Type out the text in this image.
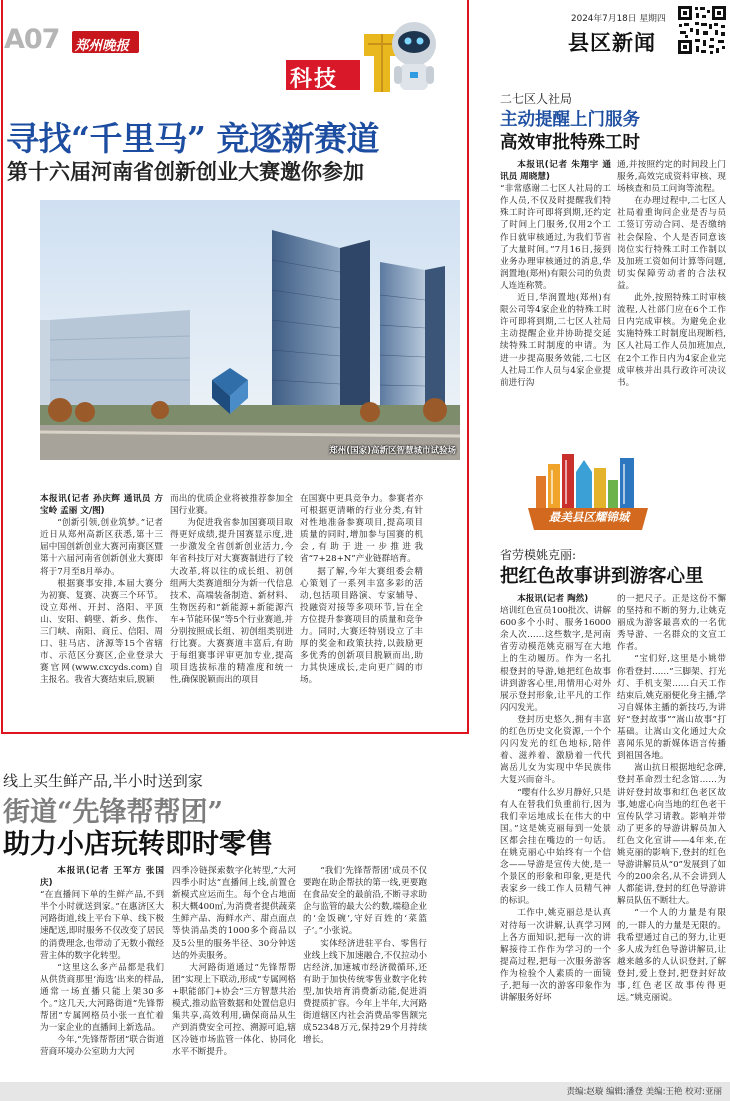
A07 郑州晚报
2024年7月18日 星期四
县区新闻
科技
寻找“千里马” 竞逐新赛道
第十六届河南省创新创业大赛邀你参加
郑州(国家)高新区智慧城市试验场

本报讯(记者 孙庆辉 通讯员 方宝岭 孟丽 文/图)

“创新引领,创业筑梦。”记者近日从郑州高新区获悉,第十三届中国创新创业大赛河南赛区暨第十六届河南省创新创业大赛即将于7月至8月举办。

根据赛事安排,本届大赛分为初赛、复赛、决赛三个环节。设立郑州、开封、洛阳、平顶山、安阳、鹤壁、新乡、焦作、三门峡、南阳、商丘、信阳、周口、驻马店、济源等15个省辖市、示范区分赛区,企业登录大赛官网(www.cxcyds.com)自主报名。我省大赛结束后,脱颖

而出的优质企业将被推荐参加全国行业赛。

为促进我省参加国赛项目取得更好成绩,提升国赛显示度,进一步激发全省创新创业活力,今年省科技厅对大赛赛制进行了较大改革,将以往的成长组、初创组两大类赛道细分为新一代信息技术、高端装备制造、新材料、生物医药和“新能源+新能源汽车+节能环保”等5个行业赛道,并分别按照成长组、初创组类别进行比赛。大赛赛道丰富后,有助于每组赛事评审更加专业,提高项目选拔标准的精准度和统一性,确保脱颖而出的项目

在国赛中更具竞争力。参赛者亦可根据更清晰的行业分类,有针对性地准备参赛项目,提高项目质量的同时,增加参与国赛的机会,有助于进一步推进我省“7+28+N”产业链群培育。

据了解,今年大赛组委会精心策划了一系列丰富多彩的活动,包括项目路演、专家辅导、投融资对接等多项环节,旨在全方位提升参赛项目的质量和竞争力。同时,大赛还特别设立了丰厚的奖金和政策扶持,以鼓励更多优秀的创新项目脱颖而出,助力其快速成长,走向更广阔的市场。

二七区人社局
主动提醒上门服务
高效审批特殊工时

本报讯(记者 朱翔宇 通讯员 周晓慧)

“非常感谢二七区人社局的工作人员,不仅及时提醒我们特殊工时许可即将到期,还约定了时间上门服务,仅用2个工作日就审核通过,为我们节省了大量时间。”7月16日,接到业务办理审核通过的消息,华润置地(郑州)有限公司的负责人连连称赞。

近日,华润置地(郑州)有限公司等4家企业的特殊工时许可即将到期,二七区人社局主动提醒企业并协助提交延续特殊工时制度的申请。为进一步提高服务效能,二七区人社局工作人员与4家企业提前进行沟

通,并按照约定的时间段上门服务,高效完成资料审核、现场核查和员工问询等流程。

在办理过程中,二七区人社局着重询问企业是否与员工签订劳动合同、是否缴纳社会保险、个人是否同意该岗位实行特殊工时工作制以及加班工资如何计算等问题,切实保障劳动者的合法权益。

此外,按照特殊工时审核流程,人社部门应在6个工作日内完成审核。为避免企业实施特殊工时制度出现断档,区人社局工作人员加班加点,在2个工作日内为4家企业完成审核并出具行政许可决议书。

最美县区耀锦城
省劳模姚克丽:
把红色故事讲到游客心里

本报讯(记者 陶然)

培训红色宣员100批次、讲解600多个小时、服务16000余人次……这些数字,是河南省劳动模范姚克丽写在大地上的生动履历。作为一名扎根登封的导游,她把红色故事讲到游客心里,用情用心对外展示登封形象,让平凡的工作闪闪发光。

登封历史悠久,拥有丰富的红色历史文化资源,一个个闪闪发光的红色地标,陪伴着、滋养着、激励着一代代嵩岳儿女为实现中华民族伟大复兴而奋斗。

“嘤有什么岁月静好,只是有人在替我们负重前行,因为我们幸运地成长在伟大的中国。”这是姚克丽每到一处景区都会挂在嘴边的一句话。在姚克丽心中始终有一个信念——导游是宣传大使,是一个景区的形象和印象,更是代表家乡一线工作人员精气神的标识。

工作中,姚克丽总是认真对待每一次讲解,认真学习网上各方面知识,把每一次的讲解接待工作作为学习的一个提高过程,把每一次服务游客作为检验个人素质的一面镜子,把每一次的游客印象作为讲解服务好坏

的一把尺子。正是这份不懈的坚持和不断的努力,让姚克丽成为游客最喜欢的一名优秀导游、一名群众的文宣工作者。

“宝们好,这里是小姚带你看登封……”三脚架、打光灯、手机支架……白天工作结束后,姚克丽便化身主播,学习自媒体主播的新技巧,为讲好“登封故事”“嵩山故事”打基础。让嵩山文化通过大众喜闻乐见的新媒体语言传播到祖国各地。

嵩山抗日根据地纪念碑,登封革命烈士纪念馆……为讲好登封故事和红色老区故事,她虚心向当地的红色老干宣传队学习请教。影响并带动了更多的导游讲解员加入红色文化宣讲——4年来,在姚克丽的影响下,登封的红色导游讲解员从“0”发展到了如今的200余名,从不会讲到人人都能讲,登封的红色导游讲解员队伍不断壮大。

“一个人的力量是有限的,一群人的力量是无限的。我希望通过自己的努力,让更多人成为红色导游讲解员,让越来越多的人认识登封,了解登封,爱上登封,把登封好故事,红色老区故事传得更远。”姚克丽说。

线上买生鲜产品,半小时送到家
街道“先锋帮帮团”
助力小店玩转即时零售

本报讯(记者 王军方 张国庆)

“在直播间下单的生鲜产品,不到半个小时就送到家。”在惠济区大河路街道,线上平台下单、线下极速配送,即时服务不仅改变了居民的消费理念,也带动了无数小微经营主体的数字化转型。

“这里这么多产品都是我们从供货商那里‘海选’出来的样品,通常一场直播只能上架30多个。”这几天,大河路街道“先锋帮帮团”专属网格员小张一直忙着为一家企业的直播间上新选品。

今年,“先锋帮帮团”联合街道营商环境办公室助力大河

四季冷链探索数字化转型,“大河四季小时达”直播间上线,前置仓新模式应运而生。每个仓占地面积大概400㎡,为消费者提供蔬菜生鲜产品、海鲜水产、甜点面点等快消品类的1000多个商品以及5公里的服务半径、30分钟送达的外卖服务。

大河路街道通过“先锋帮帮团”实现上下联动,形成“专属网格+职能部门+协会”三方智慧共治模式,推动监管数据和处置信息归集共享,高效利用,确保商品从生产到消费安全可控、溯源可追,辖区冷链市场监管一体化、协同化水平不断提升。

“我们‘先锋帮帮团’成员不仅要跑在助企帮扶的第一线,更要跑在食品安全的最前沿,不断寻求助企与监管的最大公约数,端稳企业的‘金饭碗’,守好百姓的‘菜篮子’。”小张说。

实体经济进驻平台、零售行业线上线下加速融合,不仅拉动小店经济,加速城市经济微循环,还有助于加快传统零售业数字化转型,加快培育消费新动能,促进消费提质扩容。今年上半年,大河路街道辖区内社会消费品零售额完成52348万元,保持29个月持续增长。

责编:赵璇 编辑:潘登 美编:王艳 校对:亚丽
